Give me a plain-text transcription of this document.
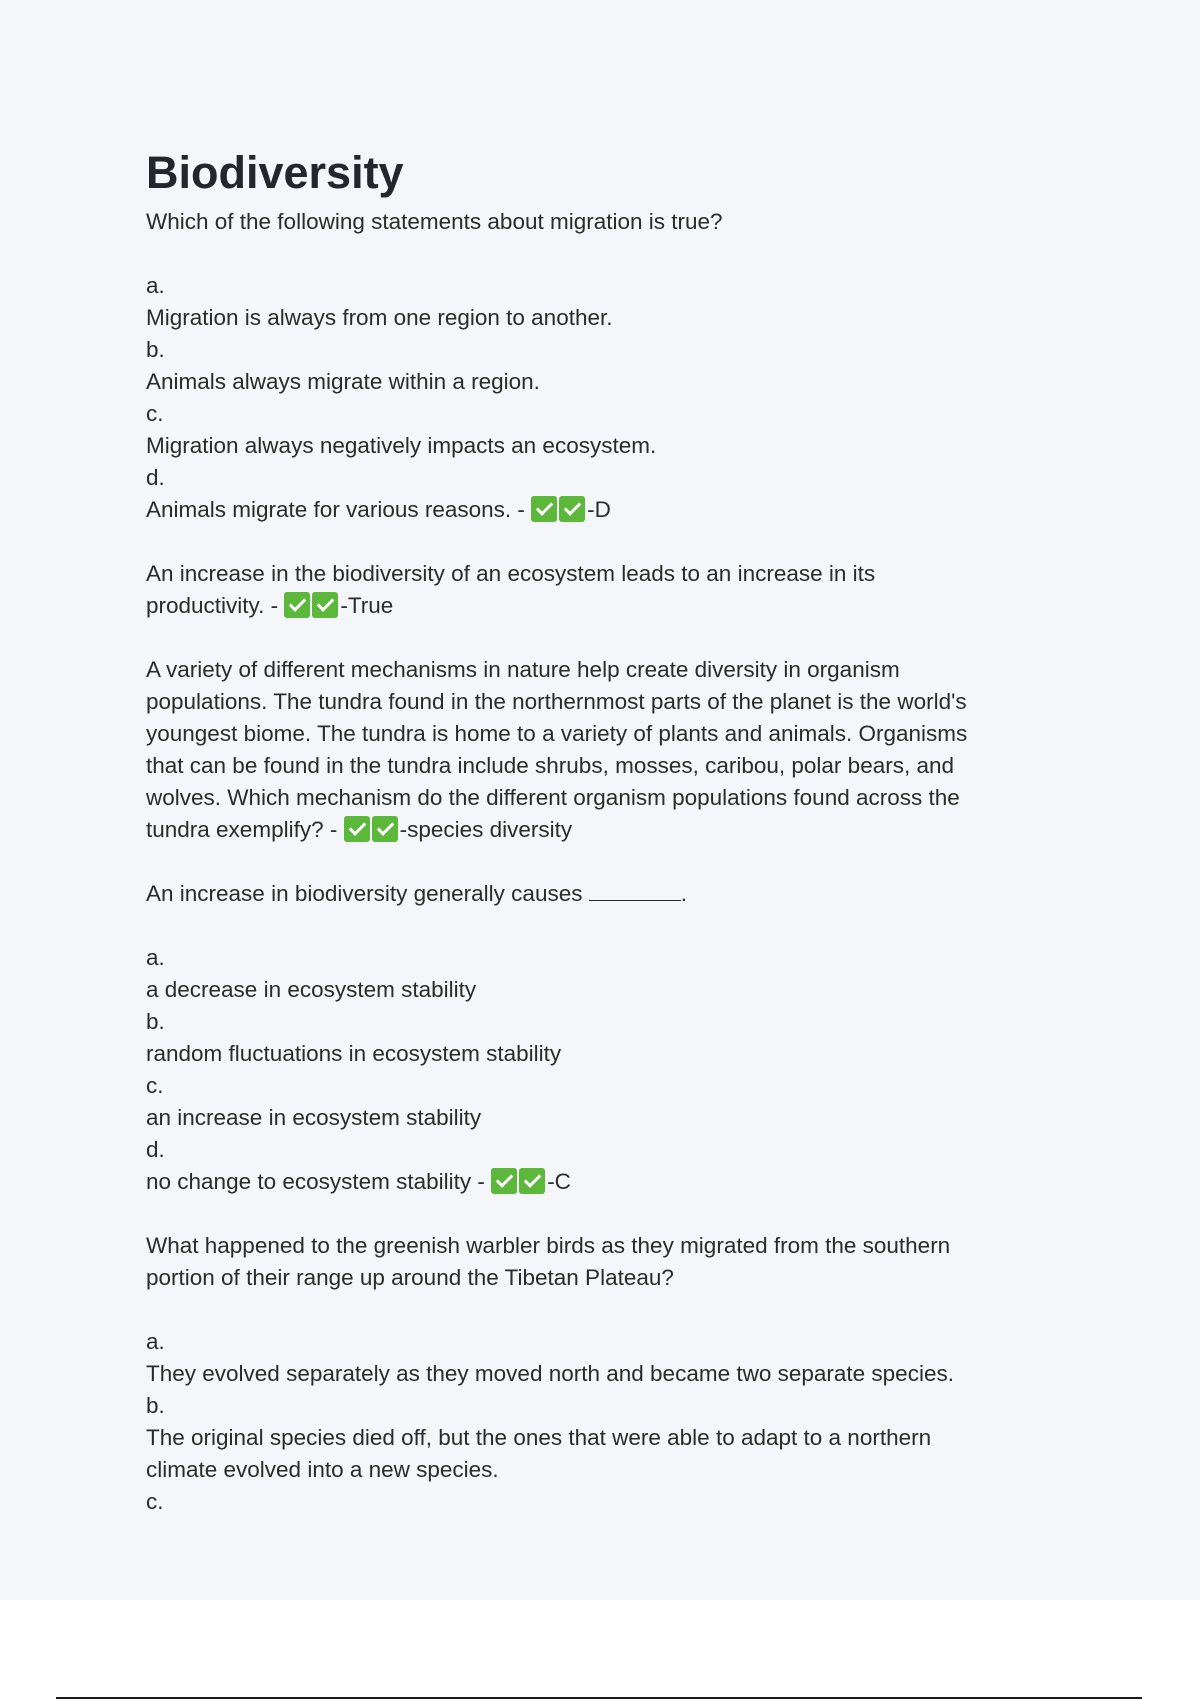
Biodiversity

Which of the following statements about migration is true?

a.

Migration is always from one region to another.

b.

Animals always migrate within a region.

c.

Migration always negatively impacts an ecosystem.

d.

Animals migrate for various reasons. -	-D

An increase in the biodiversity of an ecosystem leads to an increase in its

productivity. -	-True

A variety of different mechanisms in nature help create diversity in organism

populations. The tundra found in the northernmost parts of the planet is the world's

youngest biome. The tundra is home to a variety of plants and animals. Organisms

that can be found in the tundra include shrubs, mosses, caribou, polar bears, and

wolves. Which mechanism do the different organism populations found across the

tundra exemplify? -	-species diversity

An increase in biodiversity generally causes	.

a.

a decrease in ecosystem stability

b.

random fluctuations in ecosystem stability

c.

an increase in ecosystem stability

d.

no change to ecosystem stability -	-C

What happened to the greenish warbler birds as they migrated from the southern

portion of their range up around the Tibetan Plateau?

a.

They evolved separately as they moved north and became two separate species.

b.

The original species died off, but the ones that were able to adapt to a northern

climate evolved into a new species.

c.
